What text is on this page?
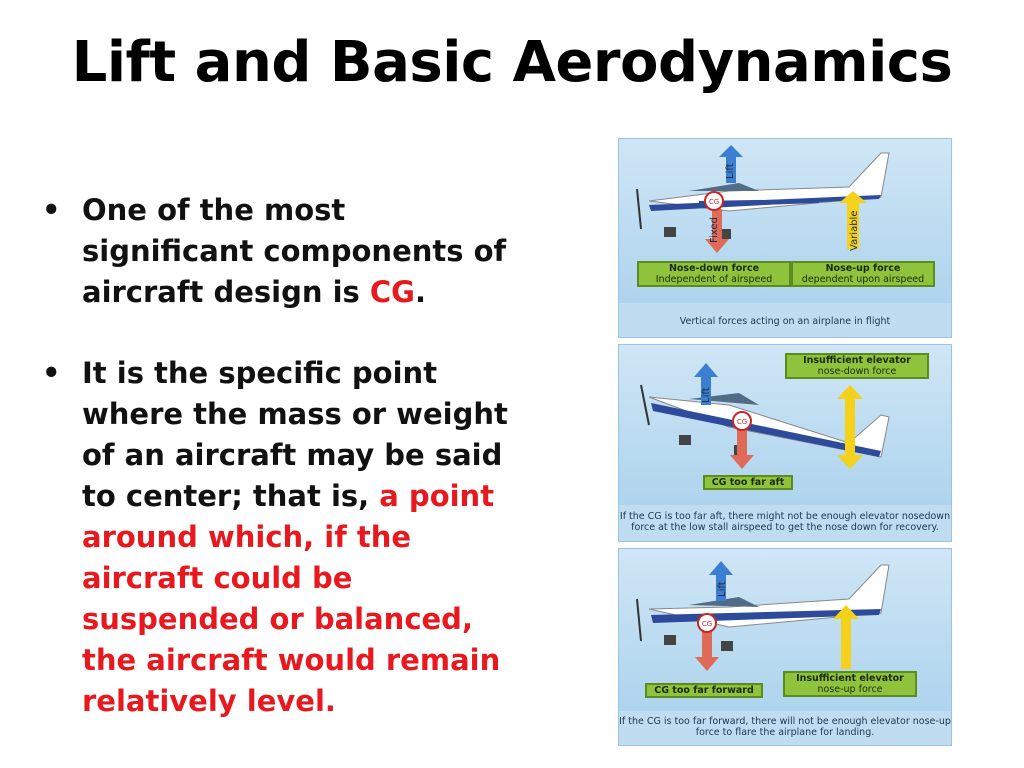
Lift and Basic Aerodynamics
• One of the most significant components of aircraft design is CG.
• It is the specific point where the mass or weight of an aircraft may be said to center; that is, a point around which, if the aircraft could be suspended or balanced, the aircraft would remain relatively level.
CG
Lift
Fixed	Variable
Nose-down force
Independent of airspeed
Nose-up force
dependent upon airspeed
Vertical forces acting on an airplane in flight
CG
Lift
Insufficient elevator
nose-down force
CG too far aft
If the CG is too far aft, there might not be enough elevator nosedown force at the low stall airspeed to get the nose down for recovery.
CG
Lift
CG too far forward
Insufficient elevator
nose-up force
If the CG is too far forward, there will not be enough elevator nose-up force to flare the airplane for landing.
